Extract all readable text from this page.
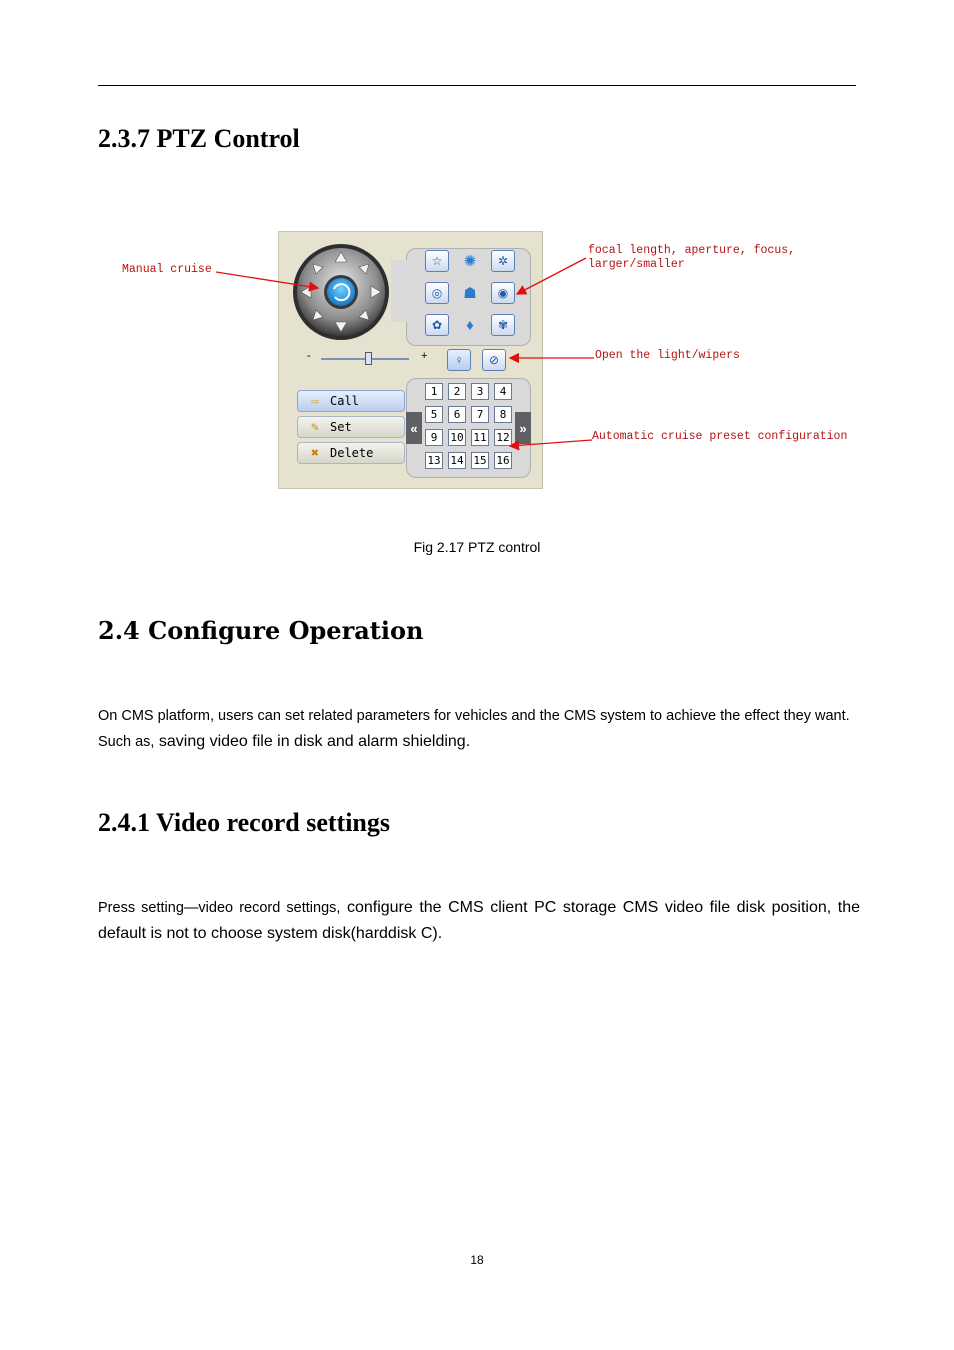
2.3.7 PTZ Control
Manual cruise
focal length, aperture, focus,
larger/smaller
Open the light/wipers
Automatic cruise preset configuration
☆	✺	✲
◎	☗	◉
✿	♦	✾
-	+	♀	⊘
⇨ Call
✎ Set
✖ Delete
«	»
1	2	3	4
5	6	7	8
9	10 11 12
13 14 15 16
Fig 2.17 PTZ control
2.4 Configure Operation

On CMS platform, users can set related parameters for vehicles and the CMS system to achieve the effect they want. Such as, saving video file in disk and alarm shielding.

2.4.1 Video record settings

Press setting—video record settings, configure the CMS client PC storage CMS video file disk position, the default is not to choose system disk(harddisk C).

18
